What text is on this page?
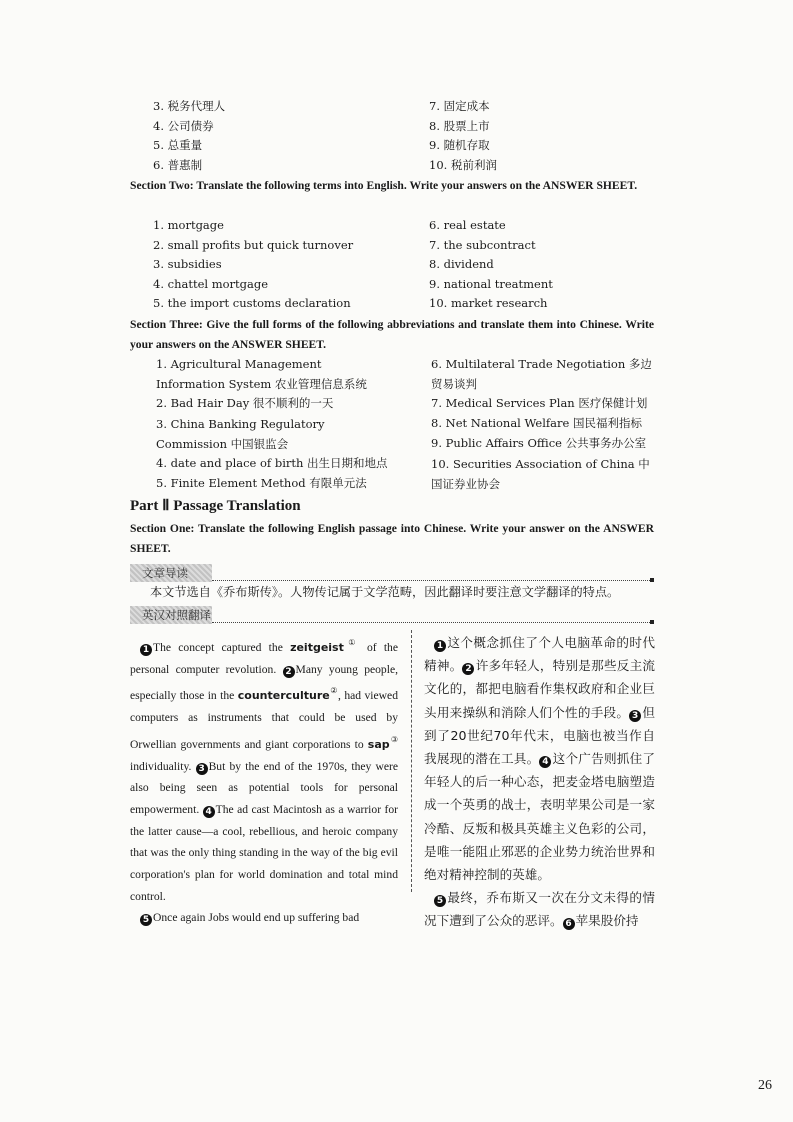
3. 税务代理人
4. 公司债券
5. 总重量
6. 普惠制
7. 固定成本
8. 股票上市
9. 随机存取
10. 税前利润
Section Two: Translate the following terms into English. Write your answers on the ANSWER SHEET.
1. mortgage
2. small profits but quick turnover
3. subsidies
4. chattel mortgage
5. the import customs declaration
6. real estate
7. the subcontract
8. dividend
9. national treatment
10. market research
Section Three: Give the full forms of the following abbreviations and translate them into Chinese. Write your answers on the ANSWER SHEET.
1. Agricultural Management Information System 农业管理信息系统
2. Bad Hair Day 很不顺利的一天
3. China Banking Regulatory Commission 中国银监会
4. date and place of birth 出生日期和地点
5. Finite Element Method 有限单元法
6. Multilateral Trade Negotiation 多边贸易谈判
7. Medical Services Plan 医疗保健计划
8. Net National Welfare 国民福利指标
9. Public Affairs Office 公共事务办公室
10. Securities Association of China 中国证券业协会
Part Ⅱ Passage Translation
Section One: Translate the following English passage into Chinese. Write your answer on the ANSWER SHEET.
文章导读
本文节选自《乔布斯传》。人物传记属于文学范畴，因此翻译时要注意文学翻译的特点。
英汉对照翻译
1 The concept captured the zeitgeist① of the personal computer revolution. 2 Many young people, especially those in the counterculture②, had viewed computers as instruments that could be used by Orwellian governments and giant corporations to sap③ individuality. 3 But by the end of the 1970s, they were also being seen as potential tools for personal empowerment. 4 The ad cast Macintosh as a warrior for the latter cause—a cool, rebellious, and heroic company that was the only thing standing in the way of the big evil corporation's plan for world domination and total mind control.
5 Once again Jobs would end up suffering bad
1 这个概念抓住了个人电脑革命的时代精神。 2 许多年轻人，特别是那些反主流文化的，都把电脑看作集权政府和企业巨头用来操纵和消除人们个性的手段。 3 但到了20世纪70年代末，电脑也被当作自我展现的潜在工具。 4 这个广告则抓住了年轻人的后一种心态，把麦金塔电脑塑造成一个英勇的战士，表明苹果公司是一家冷酷、反叛和极具英雄主义色彩的公司，是唯一能阻止邪恶的企业势力统治世界和绝对精神控制的英雄。
5 最终，乔布斯又一次在分文未得的情况下遭到了公众的恶评。 6 苹果股价持
26
